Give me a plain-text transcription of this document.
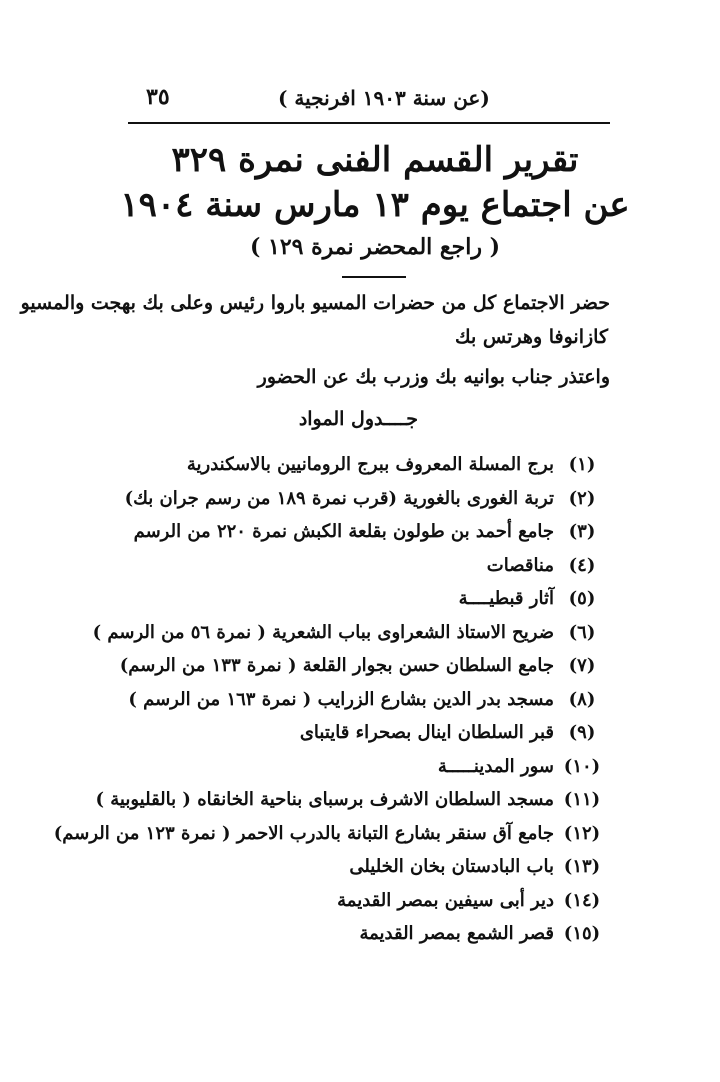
٣٥	(عن سنة ١٩٠٣ افرنجية )
تقرير القسم الفنى نمرة ٣٢٩
عن اجتماع يوم ١٣ مارس سنة ١٩٠٤
( راجع المحضر نمرة ١٢٩ )
حضر الاجتماع كل من حضرات المسيو باروا رئيس وعلى بك بهجت والمسيو
كازانوفا وهرتس بك
واعتذر جناب بوانيه بك وزرب بك عن الحضور
جــــدول المواد
(١)
برج المسلة المعروف ببرج الرومانيين بالاسكندرية
(٢)
تربة الغورى بالغورية (قرب نمرة ١٨٩ من رسم جران بك)
(٣)
جامع أحمد بن طولون بقلعة الكبش نمرة ٢٢٠ من الرسم
(٤)
مناقصات
(٥)
آثار قبطيــــة
(٦)
ضريح الاستاذ الشعراوى بباب الشعرية ( نمرة ٥٦ من الرسم )
(٧)
جامع السلطان حسن بجوار القلعة ( نمرة ١٣٣ من الرسم)
(٨)
مسجد بدر الدين بشارع الزرايب ( نمرة ١٦٣ من الرسم )
(٩)
قبر السلطان اينال بصحراء قايتباى
(١٠)
سور المدينـــــة
(١١)
مسجد السلطان الاشرف برسباى بناحية الخانقاه ( بالقليوبية )
(١٢)
جامع آق سنقر بشارع التبانة بالدرب الاحمر ( نمرة ١٢٣ من الرسم)
(١٣)
باب البادستان بخان الخليلى
(١٤)
دير أبى سيفين بمصر القديمة
(١٥)
قصر الشمع بمصر القديمة
